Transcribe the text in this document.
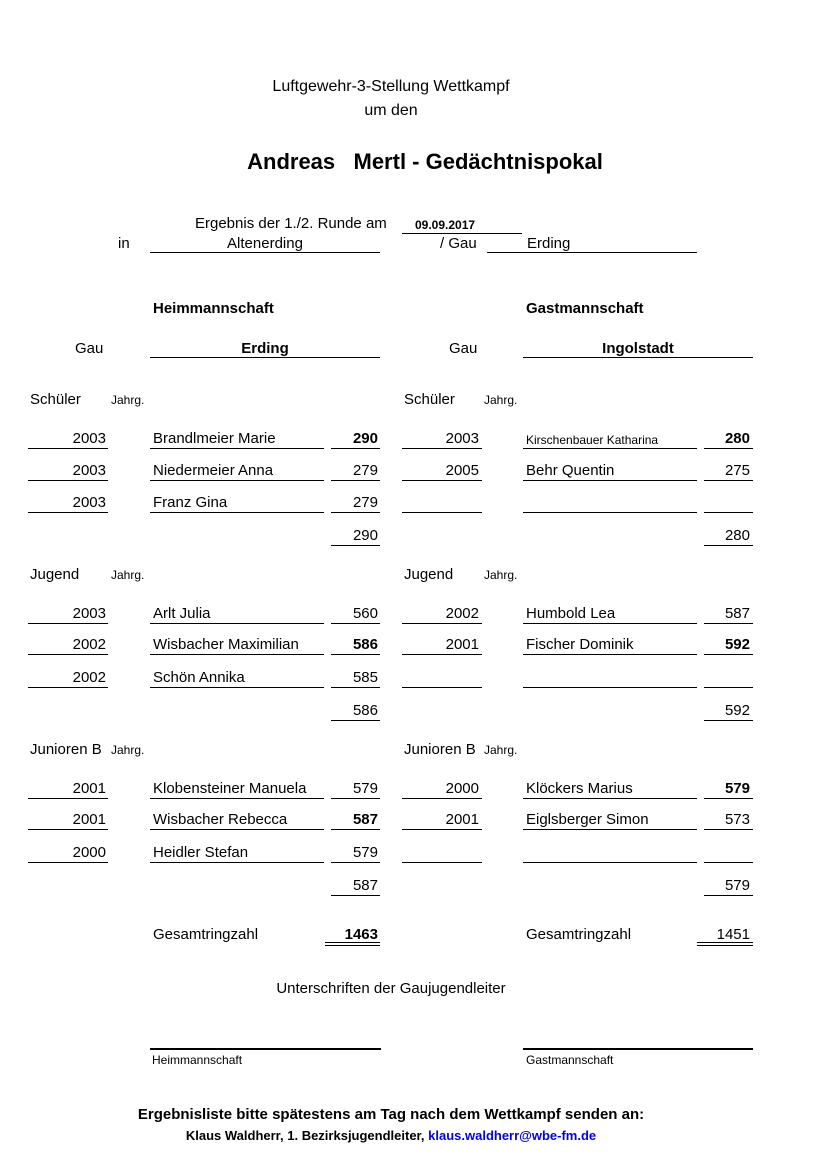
Luftgewehr-3-Stellung Wettkampf
um den
Andreas   Mertl - Gedächtnispokal
Ergebnis der 1./2. Runde am 09.09.2017
in	Altenerding	/ Gau	Erding
Heimmannschaft	Gastmannschaft
Gau	Erding	Gau	Ingolstadt
Schüler	Jahrg.
2003	Brandlmeier Marie	290
2003	Niedermeier Anna	279
2003	Franz Gina	279
290
Schüler Jahrg.
2003	Kirschenbauer Katharina	280
2005	Behr Quentin	275
280
Jugend	Jahrg.
2003	Arlt Julia	560
2002	Wisbacher Maximilian	586
2002	Schön Annika	585
586
Jugend	Jahrg.
2002	Humbold Lea	587
2001	Fischer Dominik	592
592
Junioren B Jahrg.
2001	Klobensteiner Manuela	579
2001	Wisbacher Rebecca	587
2000	Heidler Stefan	579
587
Junioren B Jahrg.
2000	Klöckers Marius	579
2001	Eiglsberger Simon	573
579
Gesamtringzahl	1463	Gesamtringzahl	1451
Unterschriften der Gaujugendleiter
Heimmannschaft	Gastmannschaft
Ergebnisliste bitte spätestens am Tag nach dem Wettkampf senden an:
Klaus Waldherr, 1. Bezirksjugendleiter, klaus.waldherr@wbe-fm.de
